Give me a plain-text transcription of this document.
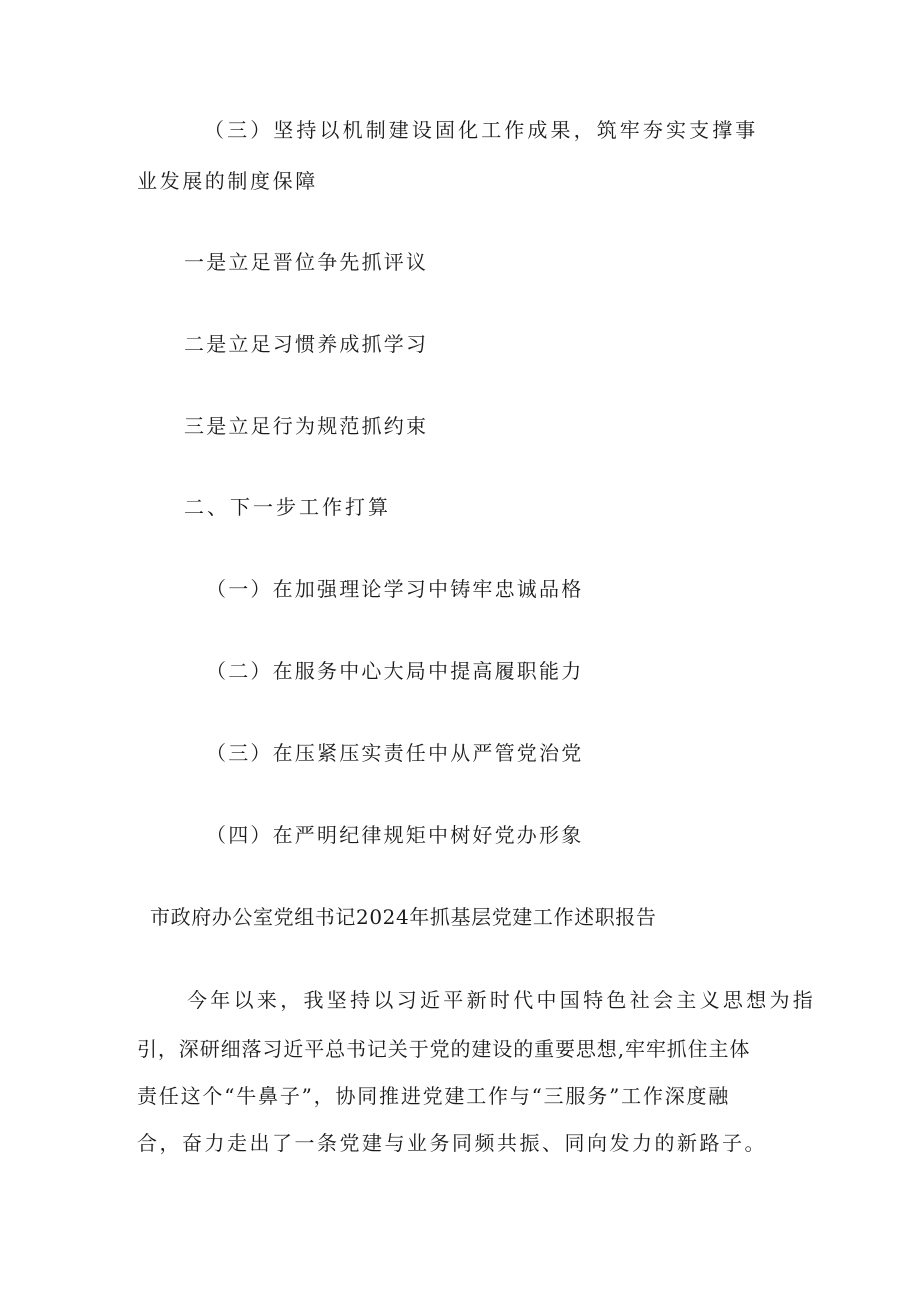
（三）坚持以机制建设固化工作成果，筑牢夯实支撑事
业发展的制度保障
一是立足晋位争先抓评议
二是立足习惯养成抓学习
三是立足行为规范抓约束
二、下一步工作打算
（一）在加强理论学习中铸牢忠诚品格
（二）在服务中心大局中提高履职能力
（三）在压紧压实责任中从严管党治党
（四）在严明纪律规矩中树好党办形象
市政府办公室党组书记2024年抓基层党建工作述职报告
今年以来，我坚持以习近平新时代中国特色社会主义思想为指
引，深研细落习近平总书记关于党的建设的重要思想,牢牢抓住主体
责任这个“牛鼻子”，协同推进党建工作与“三服务”工作深度融
合，奋力走出了一条党建与业务同频共振、同向发力的新路子。
